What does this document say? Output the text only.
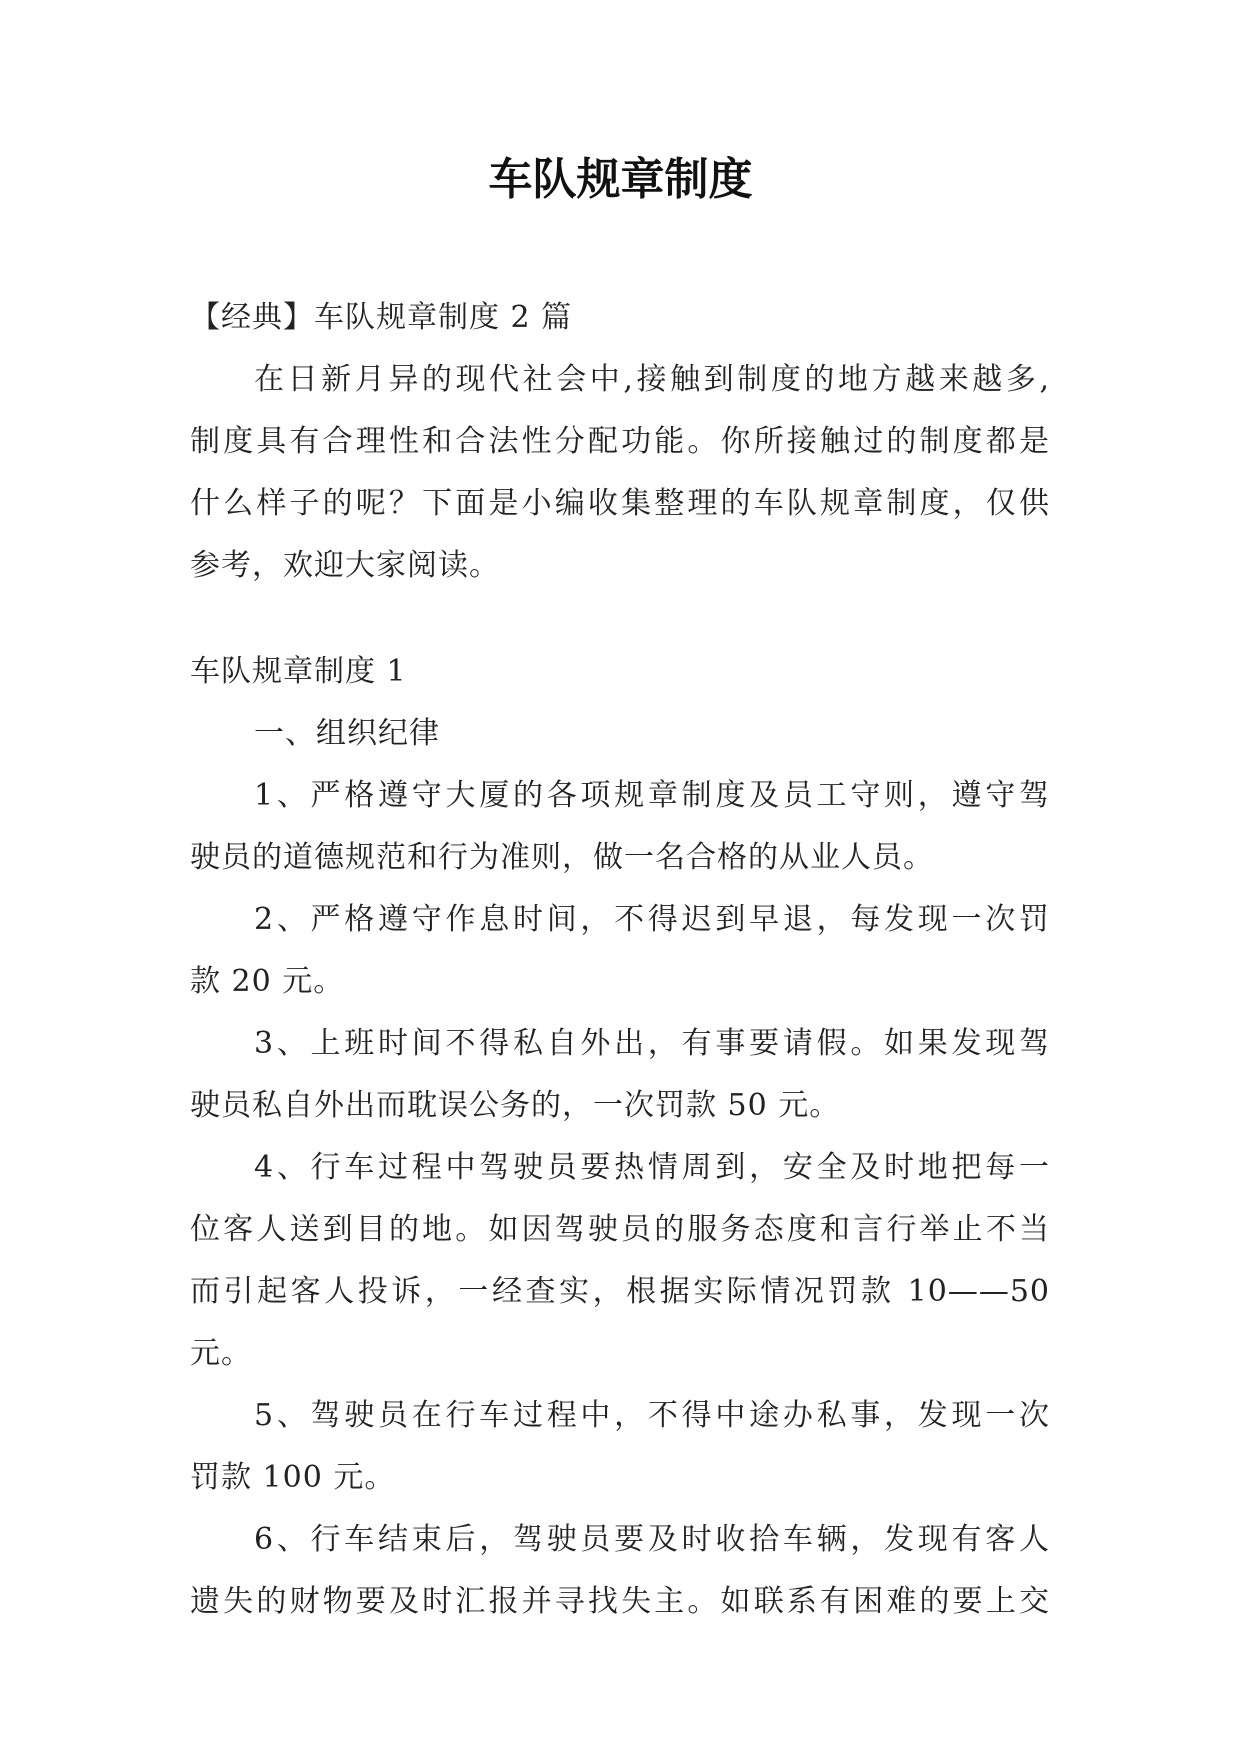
车队规章制度

【经典】车队规章制度 2 篇

在日新月异的现代社会中,接触到制度的地方越来越多,

制度具有合理性和合法性分配功能。你所接触过的制度都是

什么样子的呢？下面是小编收集整理的车队规章制度，仅供

参考，欢迎大家阅读。

车队规章制度 1

一、组织纪律

1、严格遵守大厦的各项规章制度及员工守则，遵守驾

驶员的道德规范和行为准则，做一名合格的从业人员。

2、严格遵守作息时间，不得迟到早退，每发现一次罚

款 20 元。

3、上班时间不得私自外出，有事要请假。如果发现驾

驶员私自外出而耽误公务的，一次罚款 50 元。

4、行车过程中驾驶员要热情周到，安全及时地把每一

位客人送到目的地。如因驾驶员的服务态度和言行举止不当

而引起客人投诉，一经查实，根据实际情况罚款 10——50

元。

5、驾驶员在行车过程中，不得中途办私事，发现一次

罚款 100 元。

6、行车结束后，驾驶员要及时收拾车辆，发现有客人

遗失的财物要及时汇报并寻找失主。如联系有困难的要上交
